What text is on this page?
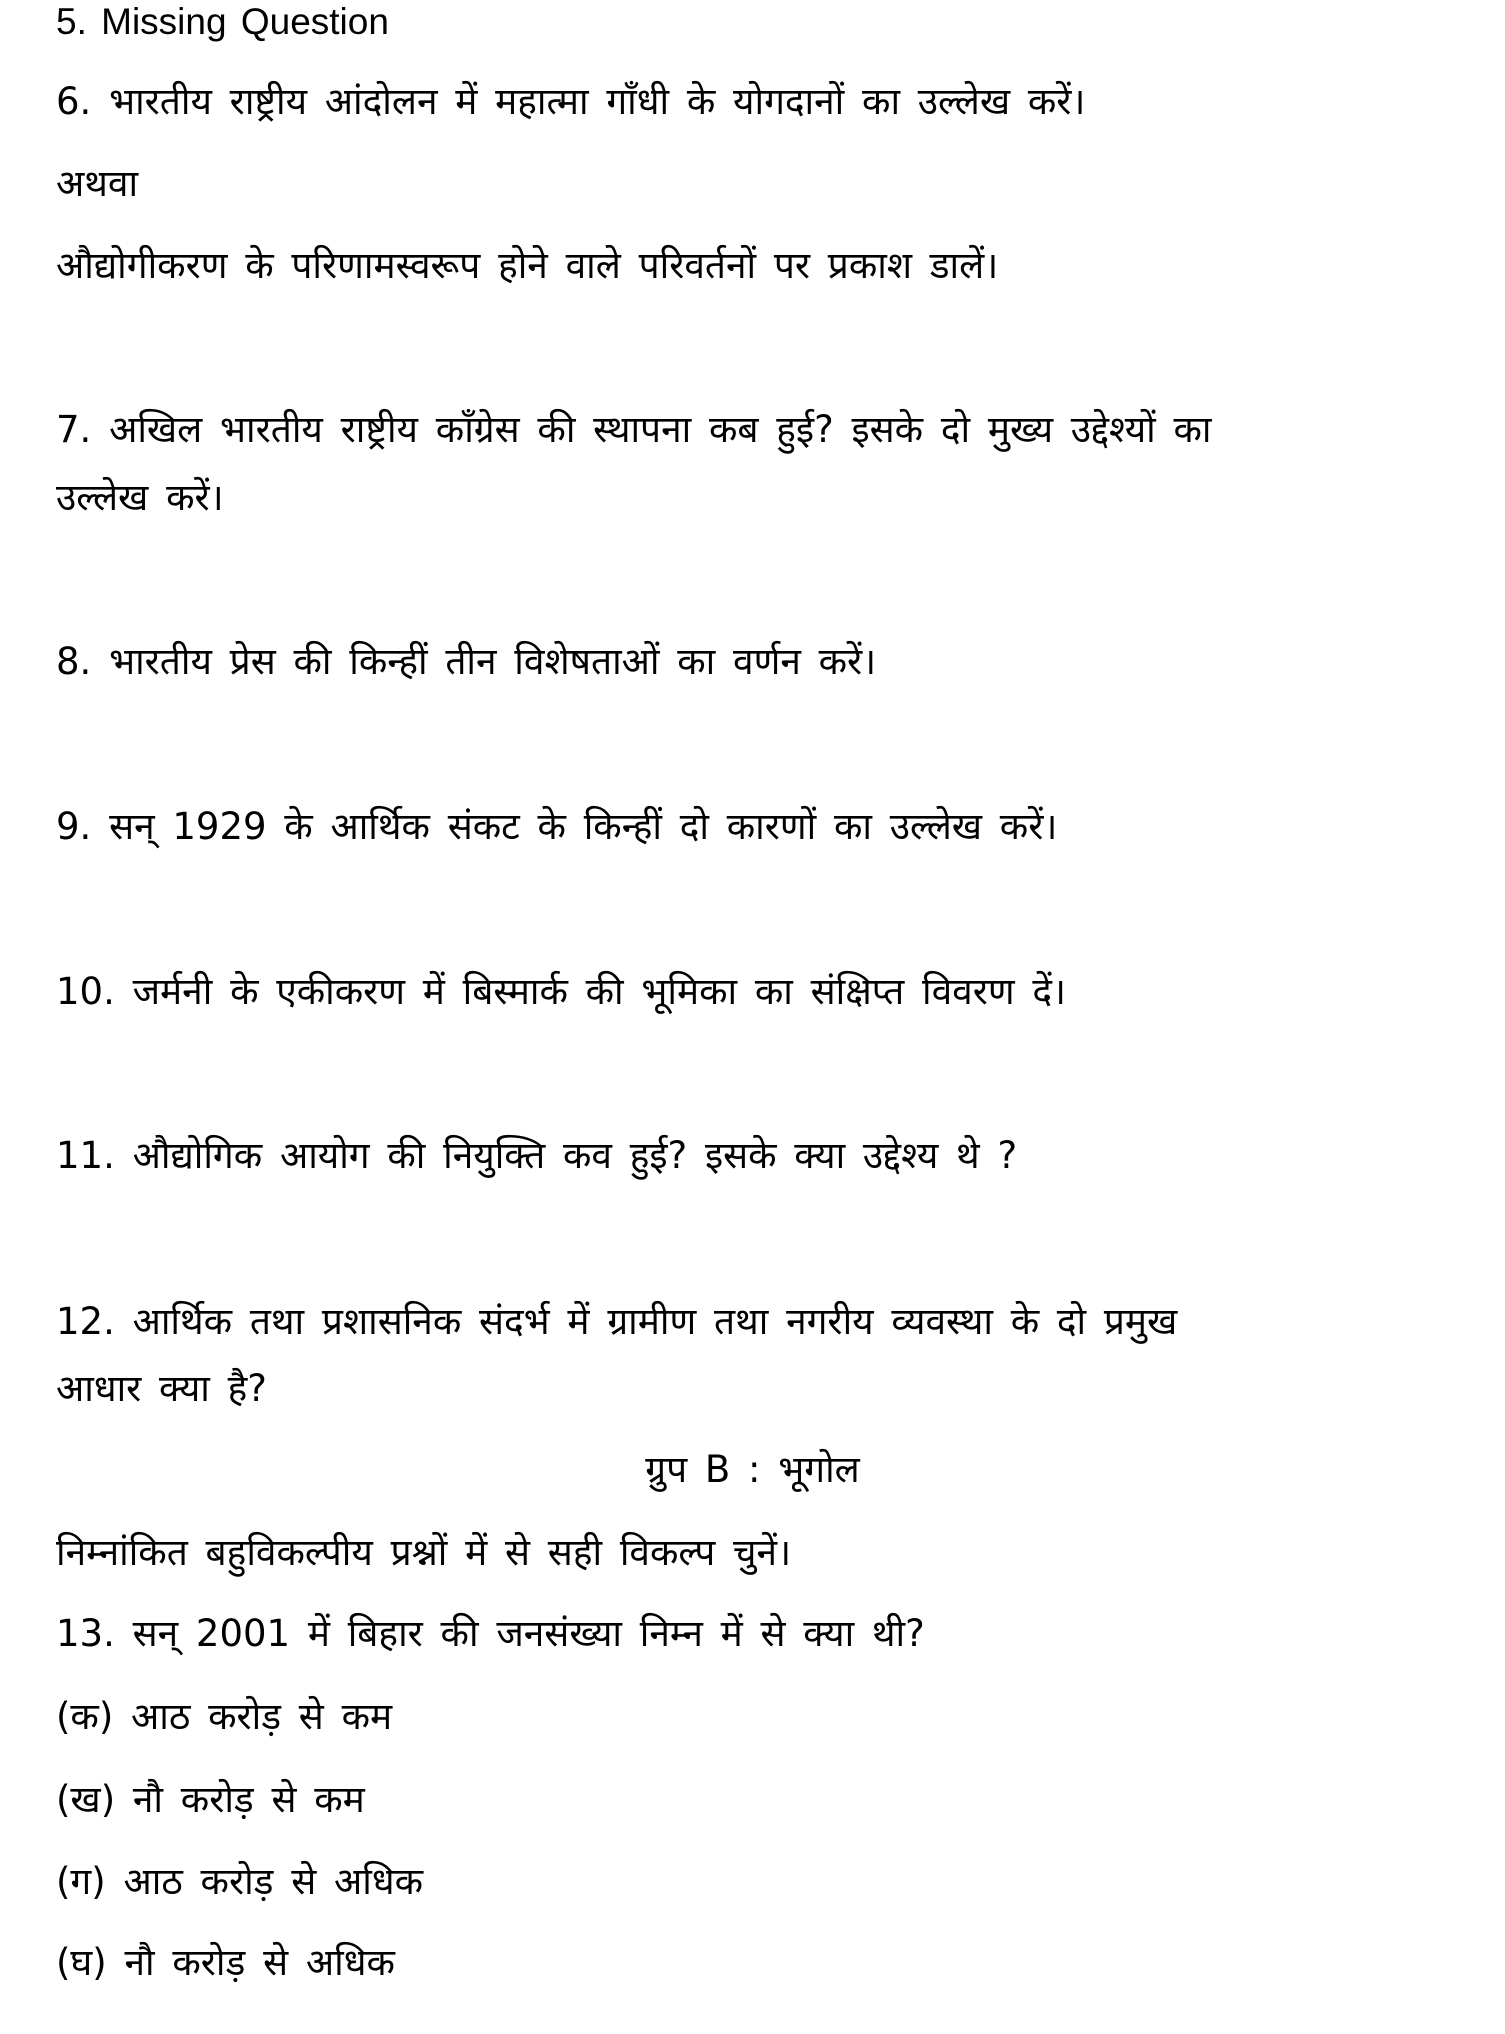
5. Missing Question
6. भारतीय राष्ट्रीय आंदोलन में महात्मा गाँधी के योगदानों का उल्लेख करें।
अथवा
औद्योगीकरण के परिणामस्वरूप होने वाले परिवर्तनों पर प्रकाश डालें।
7. अखिल भारतीय राष्ट्रीय काँग्रेस की स्थापना कब हुई? इसके दो मुख्य उद्देश्यों का
उल्लेख करें।
8. भारतीय प्रेस की किन्हीं तीन विशेषताओं का वर्णन करें।
9. सन् 1929 के आर्थिक संकट के किन्हीं दो कारणों का उल्लेख करें।
10. जर्मनी के एकीकरण में बिस्मार्क की भूमिका का संक्षिप्त विवरण दें।
11. औद्योगिक आयोग की नियुक्ति कव हुई? इसके क्या उद्देश्य थे ?
12. आर्थिक तथा प्रशासनिक संदर्भ में ग्रामीण तथा नगरीय व्यवस्था के दो प्रमुख
आधार क्या है?
ग्रुप B : भूगोल
निम्नांकित बहुविकल्पीय प्रश्नों में से सही विकल्प चुनें।
13. सन् 2001 में बिहार की जनसंख्या निम्न में से क्या थी?
(क) आठ करोड़ से कम
(ख) नौ करोड़ से कम
(ग) आठ करोड़ से अधिक
(घ) नौ करोड़ से अधिक
